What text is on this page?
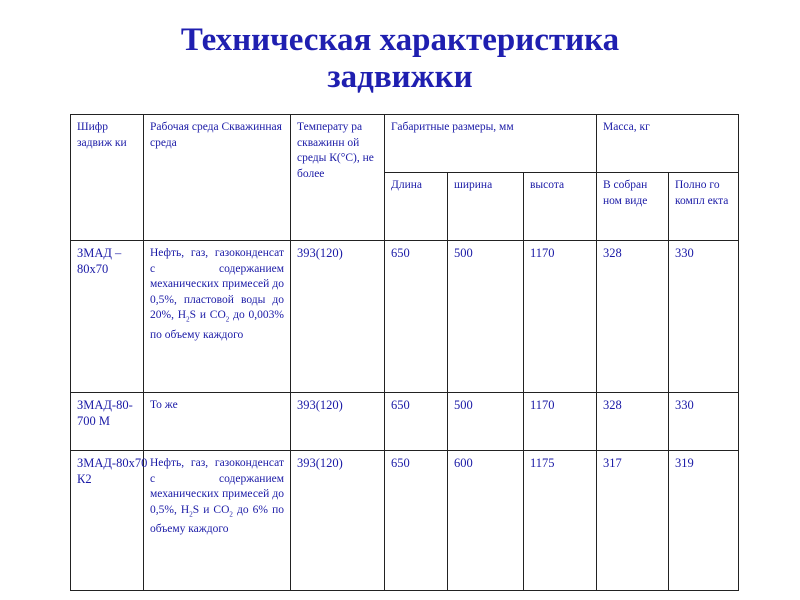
Техническая характеристика
задвижки
Шифр задвиж ки	Рабочая среда Скважинная среда	Температу ра скважинн ой среды К(°С), не более	Габаритные размеры, мм			Масса, кг	
			Длина	ширина	высота	В собран ном виде	Полно го компл екта
ЗМАД – 80х70	Нефть, газ, газоконденсат с содержанием механических примесей до 0,5%, пластовой воды до 20%, $H_2S$ и $CO_2$ до 0,003% по объему каждого	393(120)	650	500	1170	328	330
ЗМАД-80-700 М	То же	393(120)	650	500	1170	328	330
ЗМАД-80х70 К2	Нефть, газ, газоконденсат с содержанием механических примесей до 0,5%, $H_2S$ и $CO_2$ до 6% по объему каждого	393(120)	650	600	1175	317	319
